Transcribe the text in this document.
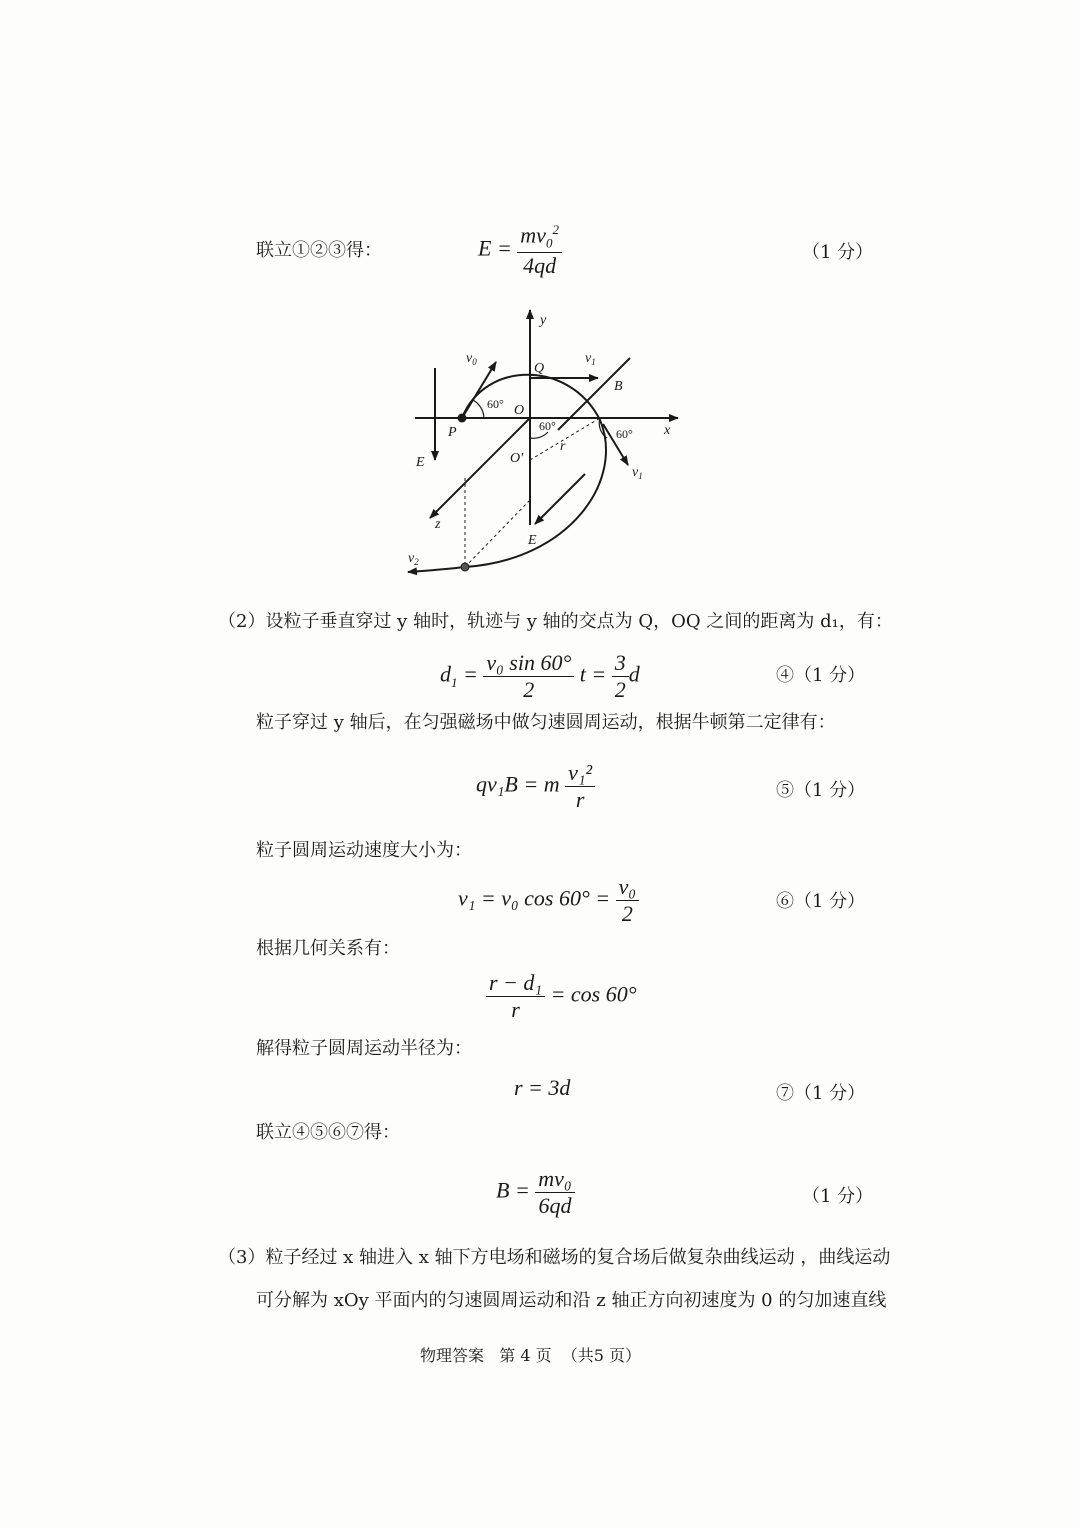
联立①②③得：	$E = \frac{mv_0^2}{4qd}$	（1 分）
y
x
z
$v_0$	$v_1$
$v_1$
$v_2$
Q
B
O
O'
P
E
E
r
60°
60°
60°
（2）设粒子垂直穿过 y 轴时，轨迹与 y 轴的交点为 Q，OQ 之间的距离为 d₁，有：
$d_1 = \frac{\text{v₀ sin 60°}}{2}$ $t = \frac{3}{2}$ d	④（1 分）
粒子穿过 y 轴后，在匀强磁场中做匀速圆周运动，根据牛顿第二定律有：
qv₁B = m $\frac{\text{v₁²}}{r}$	⑤（1 分）
粒子圆周运动速度大小为：
v₁ = v₀ $\cos 60^\circ = \frac{\text{v₀}}{2}$	⑥（1 分）
根据几何关系有：
$\frac{\text{r − d₁}}{r} = \cos 60^\circ$
解得粒子圆周运动半径为：
r = 3d	⑦（1 分）
联立④⑤⑥⑦得：
$B = \frac{\text{mv₀}}{6qd}$	（1 分）
（3）粒子经过 x 轴进入 x 轴下方电场和磁场的复合场后做复杂曲线运动 ，曲线运动
可分解为 xOy 平面内的匀速圆周运动和沿 z 轴正方向初速度为 0 的匀加速直线
物理答案   第 4 页  （共5 页）
